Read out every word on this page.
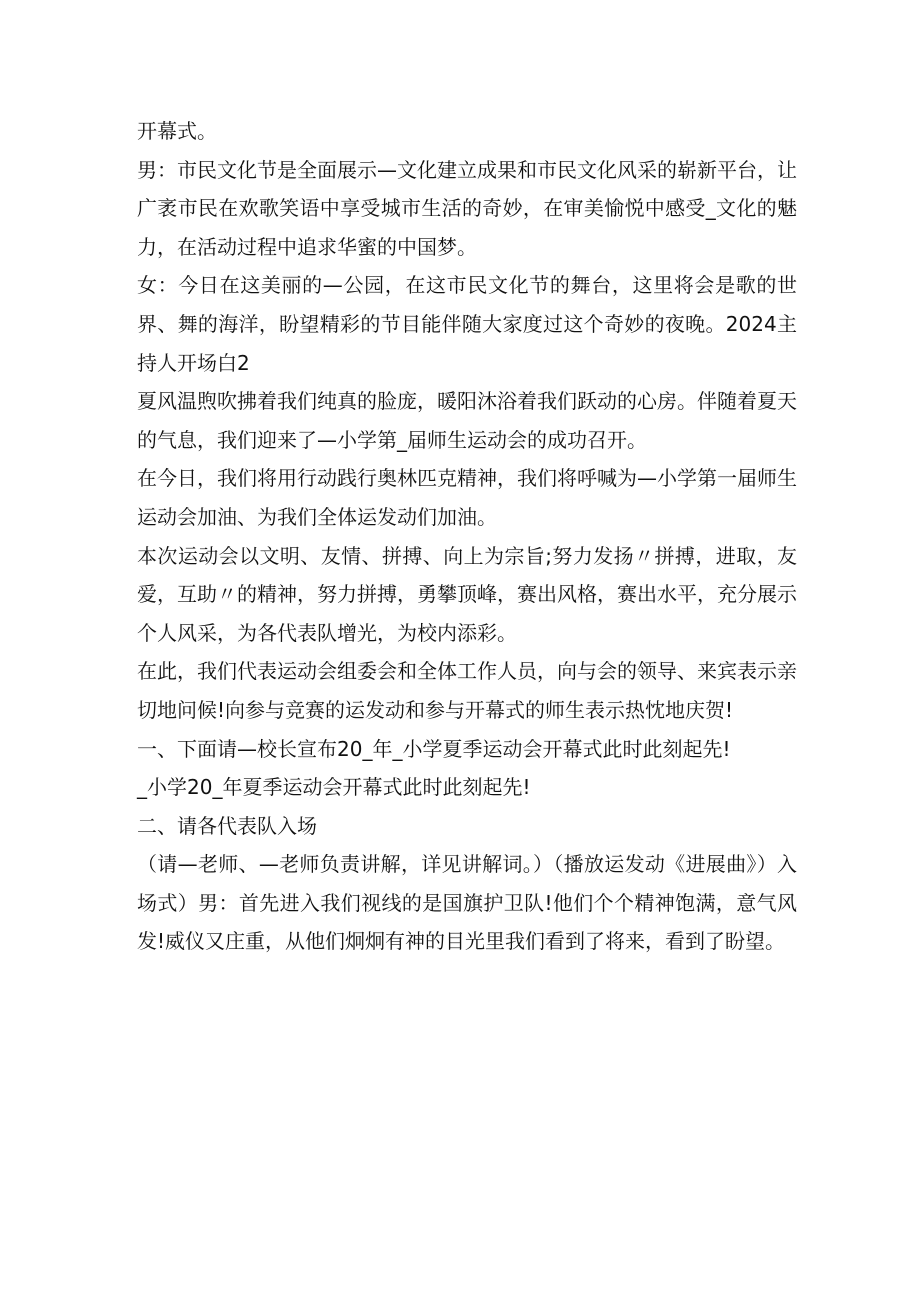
开幕式。

男：市民文化节是全面展示—文化建立成果和市民文化风采的崭新平台，让广袤市民在欢歌笑语中享受城市生活的奇妙，在审美愉悦中感受_文化的魅力，在活动过程中追求华蜜的中国梦。

女：今日在这美丽的—公园，在这市民文化节的舞台，这里将会是歌的世界、舞的海洋，盼望精彩的节目能伴随大家度过这个奇妙的夜晚。2024主持人开场白2

夏风温煦吹拂着我们纯真的脸庞，暖阳沐浴着我们跃动的心房。伴随着夏天的气息，我们迎来了—小学第_届师生运动会的成功召开。

在今日，我们将用行动践行奥林匹克精神，我们将呼喊为—小学第一届师生运动会加油、为我们全体运发动们加油。

本次运动会以文明、友情、拼搏、向上为宗旨;努力发扬〃拼搏，进取，友爱，互助〃的精神，努力拼搏，勇攀顶峰，赛出风格，赛出水平，充分展示个人风采，为各代表队增光，为校内添彩。

在此，我们代表运动会组委会和全体工作人员，向与会的领导、来宾表示亲切地问候!向参与竞赛的运发动和参与开幕式的师生表示热忱地庆贺!

一、下面请—校长宣布20_年_小学夏季运动会开幕式此时此刻起先!

_小学20_年夏季运动会开幕式此时此刻起先!

二、请各代表队入场

（请—老师、—老师负责讲解，详见讲解词。）（播放运发动《进展曲》）入场式）男：首先进入我们视线的是国旗护卫队!他们个个精神饱满，意气风发!威仪又庄重，从他们炯炯有神的目光里我们看到了将来，看到了盼望。
